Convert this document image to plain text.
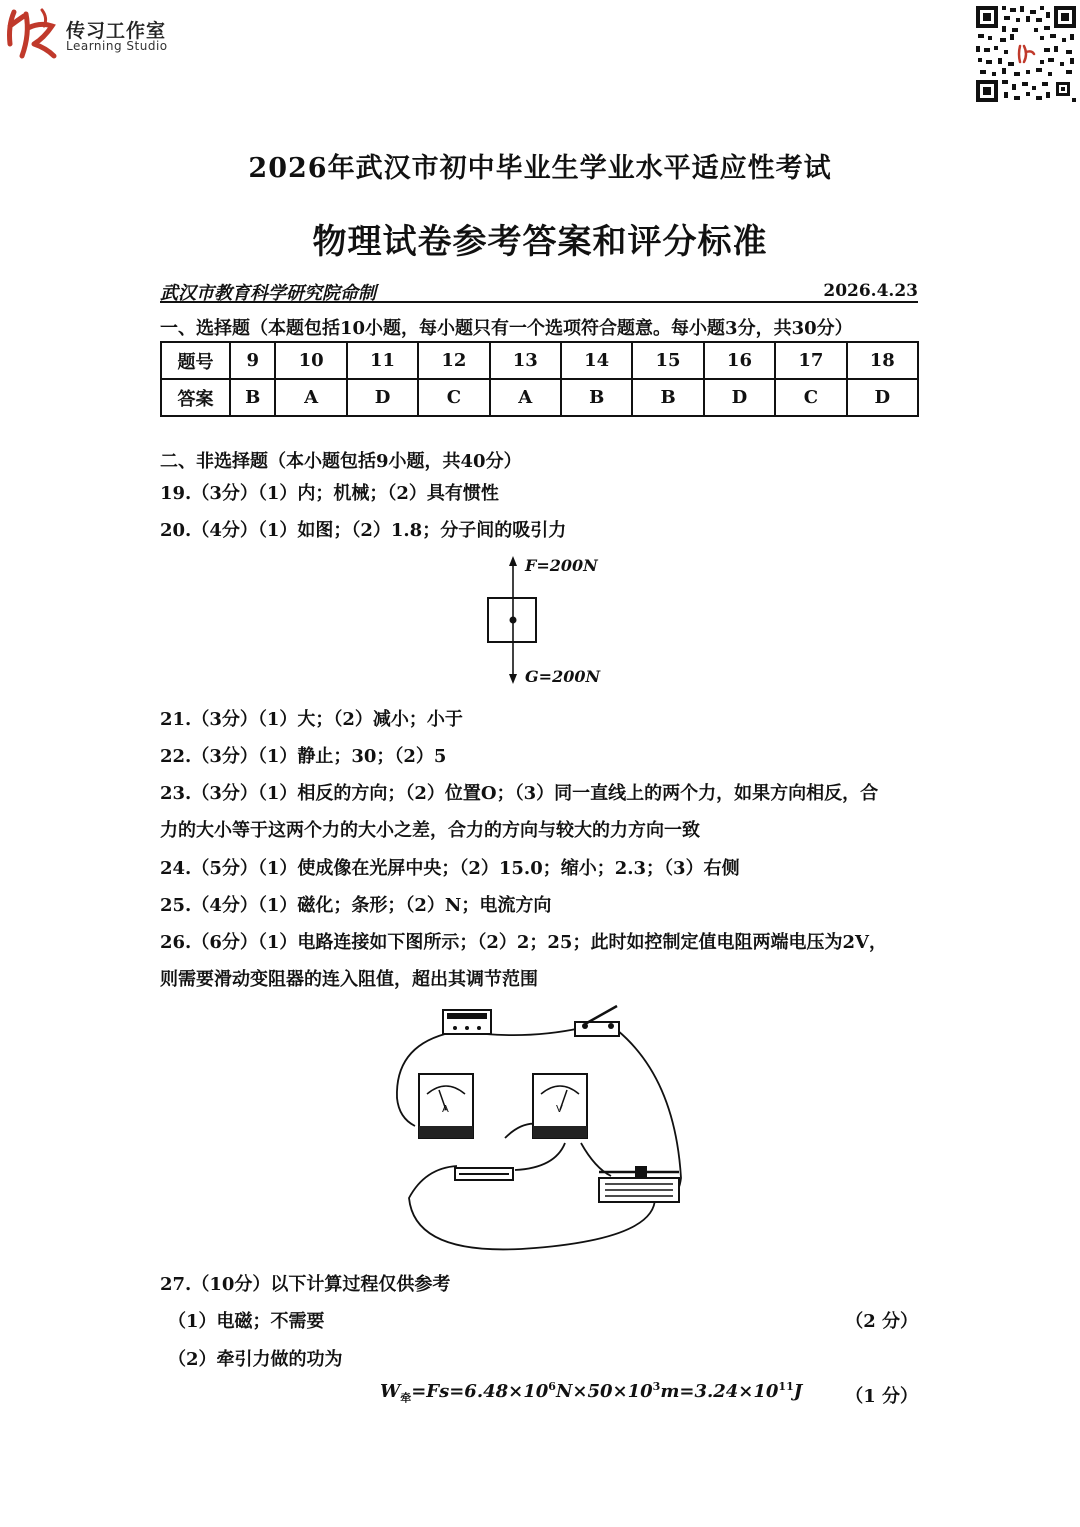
传习工作室
Learning Studio
2026年武汉市初中毕业生学业水平适应性考试
物理试卷参考答案和评分标准
武汉市教育科学研究院命制	2026.4.23
一、选择题（本题包括10小题，每小题只有一个选项符合题意。每小题3分，共30分）
题号	9	10	11	12	13	14	15	16	17	18
答案	B	A	D	C	A	B	B	D	C	D
二、非选择题（本小题包括9小题，共40分）
19.（3分）（1）内；机械；（2）具有惯性
20.（4分）（1）如图；（2）1.8；分子间的吸引力
F=200N
G=200N
21.（3分）（1）大；（2）减小；小于
22.（3分）（1）静止；30；（2）5
23.（3分）（1）相反的方向；（2）位置O；（3）同一直线上的两个力，如果方向相反，合
力的大小等于这两个力的大小之差，合力的方向与较大的力方向一致
24.（5分）（1）使成像在光屏中央；（2）15.0；缩小；2.3；（3）右侧
25.（4分）（1）磁化；条形；（2）N；电流方向
26.（6分）（1）电路连接如下图所示；（2）2；25；此时如控制定值电阻两端电压为2V，
则需要滑动变阻器的连入阻值，超出其调节范围
A	V
27.（10分）以下计算过程仅供参考
（1）电磁；不需要	（2 分）
（2）牵引力做的功为
$W_牵=Fs=6.48\times 10^6N\times 50\times 10^3m=3.24\times 10^{11}J$ （1 分）
